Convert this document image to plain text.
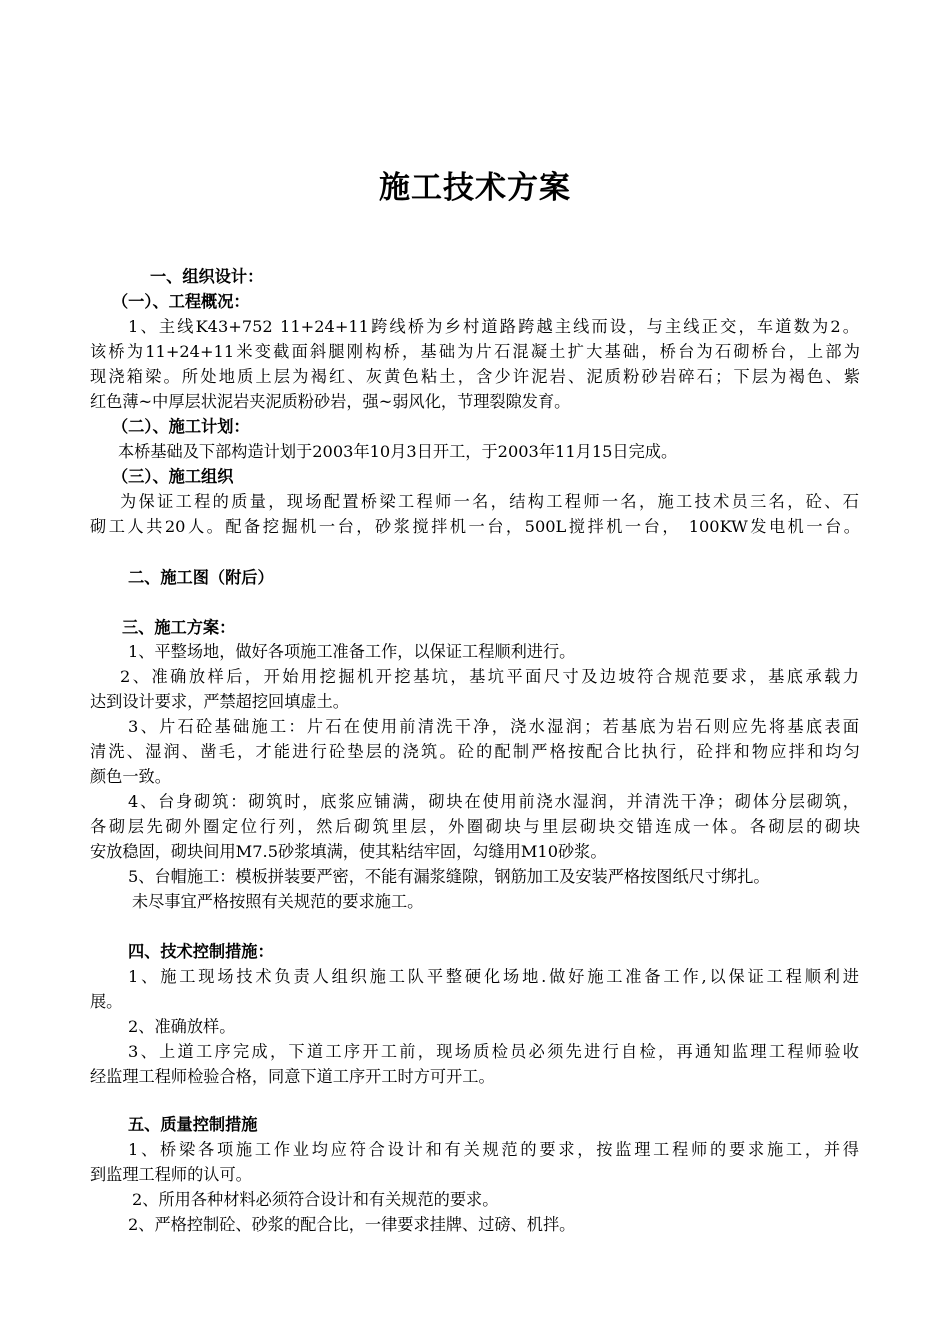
施工技术方案
一、组织设计：
（一）、工程概况：
1、主线K43+752 11+24+11跨线桥为乡村道路跨越主线而设，与主线正交，车道数为2。
该桥为11+24+11米变截面斜腿刚构桥，基础为片石混凝土扩大基础，桥台为石砌桥台，上部为
现浇箱梁。所处地质上层为褐红、灰黄色粘土，含少许泥岩、泥质粉砂岩碎石；下层为褐色、紫
红色薄~中厚层状泥岩夹泥质粉砂岩，强~弱风化，节理裂隙发育。
（二）、施工计划：
本桥基础及下部构造计划于2003年10月3日开工，于2003年11月15日完成。
（三）、施工组织
为保证工程的质量，现场配置桥梁工程师一名，结构工程师一名，施工技术员三名，砼、石
砌工人共20人。配备挖掘机一台，砂浆搅拌机一台，500L搅拌机一台， 100KW发电机一台。
二、施工图（附后）
三、施工方案：
1、平整场地，做好各项施工准备工作，以保证工程顺利进行。
2、准确放样后，开始用挖掘机开挖基坑，基坑平面尺寸及边坡符合规范要求，基底承载力
达到设计要求，严禁超挖回填虚土。
3、片石砼基础施工：片石在使用前清洗干净，浇水湿润；若基底为岩石则应先将基底表面
清洗、湿润、凿毛，才能进行砼垫层的浇筑。砼的配制严格按配合比执行，砼拌和物应拌和均匀
颜色一致。
4、台身砌筑：砌筑时，底浆应铺满，砌块在使用前浇水湿润，并清洗干净；砌体分层砌筑，
各砌层先砌外圈定位行列，然后砌筑里层，外圈砌块与里层砌块交错连成一体。各砌层的砌块
安放稳固，砌块间用M7.5砂浆填满，使其粘结牢固，勾缝用M10砂浆。
5、台帽施工：模板拼装要严密，不能有漏浆缝隙，钢筋加工及安装严格按图纸尺寸绑扎。
未尽事宜严格按照有关规范的要求施工。
四、技术控制措施：
1、施工现场技术负责人组织施工队平整硬化场地.做好施工准备工作,以保证工程顺利进
展。
2、准确放样。
3、上道工序完成，下道工序开工前，现场质检员必须先进行自检，再通知监理工程师验收
经监理工程师检验合格，同意下道工序开工时方可开工。
五、质量控制措施
1、桥梁各项施工作业均应符合设计和有关规范的要求，按监理工程师的要求施工，并得
到监理工程师的认可。
2、所用各种材料必须符合设计和有关规范的要求。
2、严格控制砼、砂浆的配合比，一律要求挂牌、过磅、机拌。
